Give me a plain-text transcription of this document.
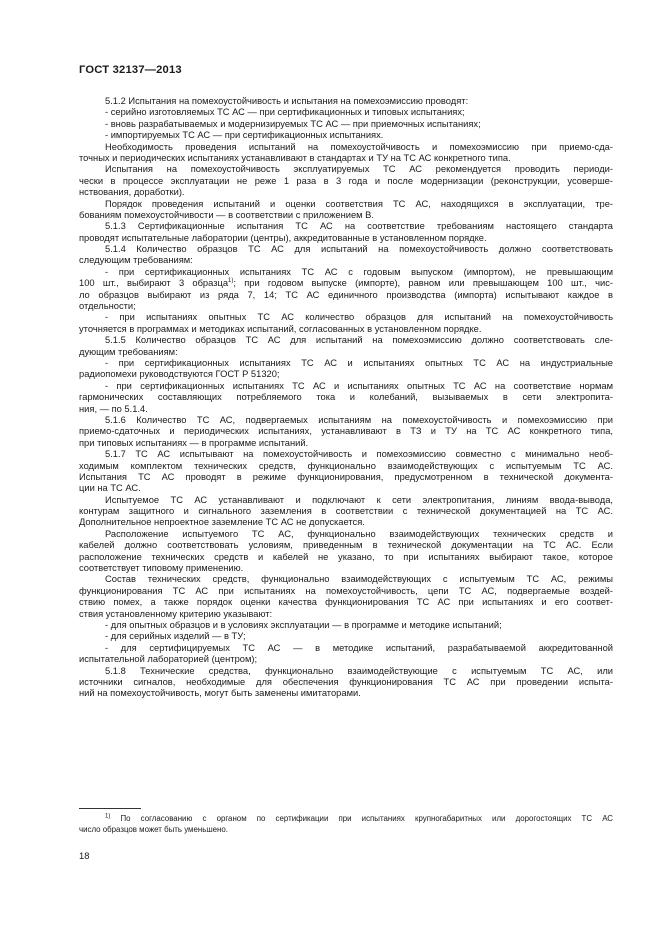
ГОСТ 32137—2013
5.1.2 Испытания на помехоустойчивость и испытания на помехоэмиссию проводят:
- серийно изготовляемых ТС АС — при сертификационных и типовых испытаниях;
- вновь разрабатываемых и модернизируемых ТС АС — при приемочных испытаниях;
- импортируемых ТС АС — при сертификационных испытаниях.
Необходимость проведения испытаний на помехоустойчивость и помехоэмиссию при приемо-сда-
точных и периодических испытаниях устанавливают в стандартах и ТУ на ТС АС конкретного типа.
Испытания на помехоустойчивость эксплуатируемых ТС АС рекомендуется проводить периоди-
чески в процессе эксплуатации не реже 1 раза в 3 года и после модернизации (реконструкции, усоверше-
нствования, доработки).
Порядок проведения испытаний и оценки соответствия ТС АС, находящихся в эксплуатации, тре-
бованиям помехоустойчивости — в соответствии с приложением В.
5.1.3 Сертификационные испытания ТС АС на соответствие требованиям настоящего стандарта
проводят испытательные лаборатории (центры), аккредитованные в установленном порядке.
5.1.4 Количество образцов ТС АС для испытаний на помехоустойчивость должно соответствовать
следующим требованиям:
- при сертификационных испытаниях ТС АС с годовым выпуском (импортом), не превышающим
100 шт., выбирают 3 образца$^{1)}$; при годовом выпуске (импорте), равном или превышающем 100 шт., чис-
ло образцов выбирают из ряда 7, 14; ТС АС единичного производства (импорта) испытывают каждое в
отдельности;
- при испытаниях опытных ТС АС количество образцов для испытаний на помехоустойчивость
уточняется в программах и методиках испытаний, согласованных в установленном порядке.
5.1.5 Количество образцов ТС АС для испытаний на помехоэмиссию должно соответствовать сле-
дующим требованиям:
- при сертификационных испытаниях ТС АС и испытаниях опытных ТС АС на индустриальные
радиопомехи руководствуются ГОСТ Р 51320;
- при сертификационных испытаниях ТС АС и испытаниях опытных ТС АС на соответствие нормам
гармонических составляющих потребляемого тока и колебаний, вызываемых в сети электропита-
ния, — по 5.1.4.
5.1.6 Количество ТС АС, подвергаемых испытаниям на помехоустойчивость и помехоэмиссию при
приемо-сдаточных и периодических испытаниях, устанавливают в ТЗ и ТУ на ТС АС конкретного типа,
при типовых испытаниях — в программе испытаний.
5.1.7 ТС АС испытывают на помехоустойчивость и помехоэмиссию совместно с минимально необ-
ходимым комплектом технических средств, функционально взаимодействующих с испытуемым ТС АС.
Испытания ТС АС проводят в режиме функционирования, предусмотренном в технической документа-
ции на ТС АС.
Испытуемое ТС АС устанавливают и подключают к сети электропитания, линиям ввода-вывода,
контурам защитного и сигнального заземления в соответствии с технической документацией на ТС АС.
Дополнительное непроектное заземление ТС АС не допускается.
Расположение испытуемого ТС АС, функционально взаимодействующих технических средств и
кабелей должно соответствовать условиям, приведенным в технической документации на ТС АС. Если
расположение технических средств и кабелей не указано, то при испытаниях выбирают такое, которое
соответствует типовому применению.
Состав технических средств, функционально взаимодействующих с испытуемым ТС АС, режимы
функционирования ТС АС при испытаниях на помехоустойчивость, цепи ТС АС, подвергаемые воздей-
ствию помех, а также порядок оценки качества функционирования ТС АС при испытаниях и его соответ-
ствия установленному критерию указывают:
- для опытных образцов и в условиях эксплуатации — в программе и методике испытаний;
- для серийных изделий — в ТУ;
- для сертифицируемых ТС АС — в методике испытаний, разрабатываемой аккредитованной
испытательной лабораторией (центром);
5.1.8 Технические средства, функционально взаимодействующие с испытуемым ТС АС, или
источники сигналов, необходимые для обеспечения функционирования ТС АС при проведении испыта-
ний на помехоустойчивость, могут быть заменены имитаторами.
$^{1)}$ По согласованию с органом по сертификации при испытаниях крупногабаритных или дорогостоящих ТС АС
число образцов может быть уменьшено.
18
